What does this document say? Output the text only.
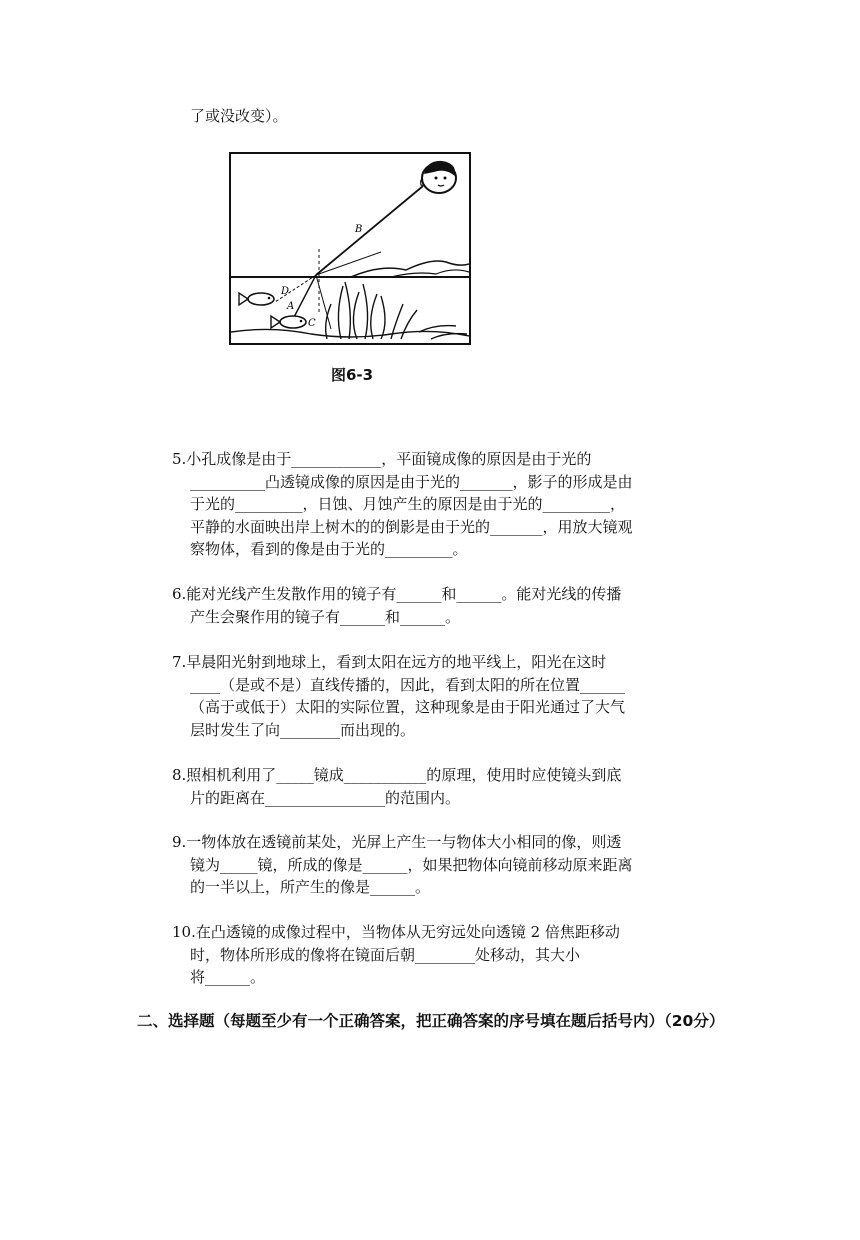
了或没改变）。
B
D
A
C
图6-3
5.小孔成像是由于____________，平面镜成像的原因是由于光的
__________凸透镜成像的原因是由于光的_______，影子的形成是由
于光的_________，日蚀、月蚀产生的原因是由于光的_________，
平静的水面映出岸上树木的的倒影是由于光的_______，用放大镜观
察物体，看到的像是由于光的_________。
6.能对光线产生发散作用的镜子有______和______。能对光线的传播
产生会聚作用的镜子有______和______。
7.早晨阳光射到地球上，看到太阳在远方的地平线上，阳光在这时
____（是或不是）直线传播的，因此，看到太阳的所在位置______
（高于或低于）太阳的实际位置，这种现象是由于阳光通过了大气
层时发生了向________而出现的。
8.照相机利用了_____镜成___________的原理，使用时应使镜头到底
片的距离在________________的范围内。
9.一物体放在透镜前某处，光屏上产生一与物体大小相同的像，则透
镜为_____镜，所成的像是______，如果把物体向镜前移动原来距离
的一半以上，所产生的像是______。
10.在凸透镜的成像过程中，当物体从无穷远处向透镜 2 倍焦距移动
时，物体所形成的像将在镜面后朝________处移动，其大小
将______。
二、选择题（每题至少有一个正确答案，把正确答案的序号填在题后括号内）（20分）
